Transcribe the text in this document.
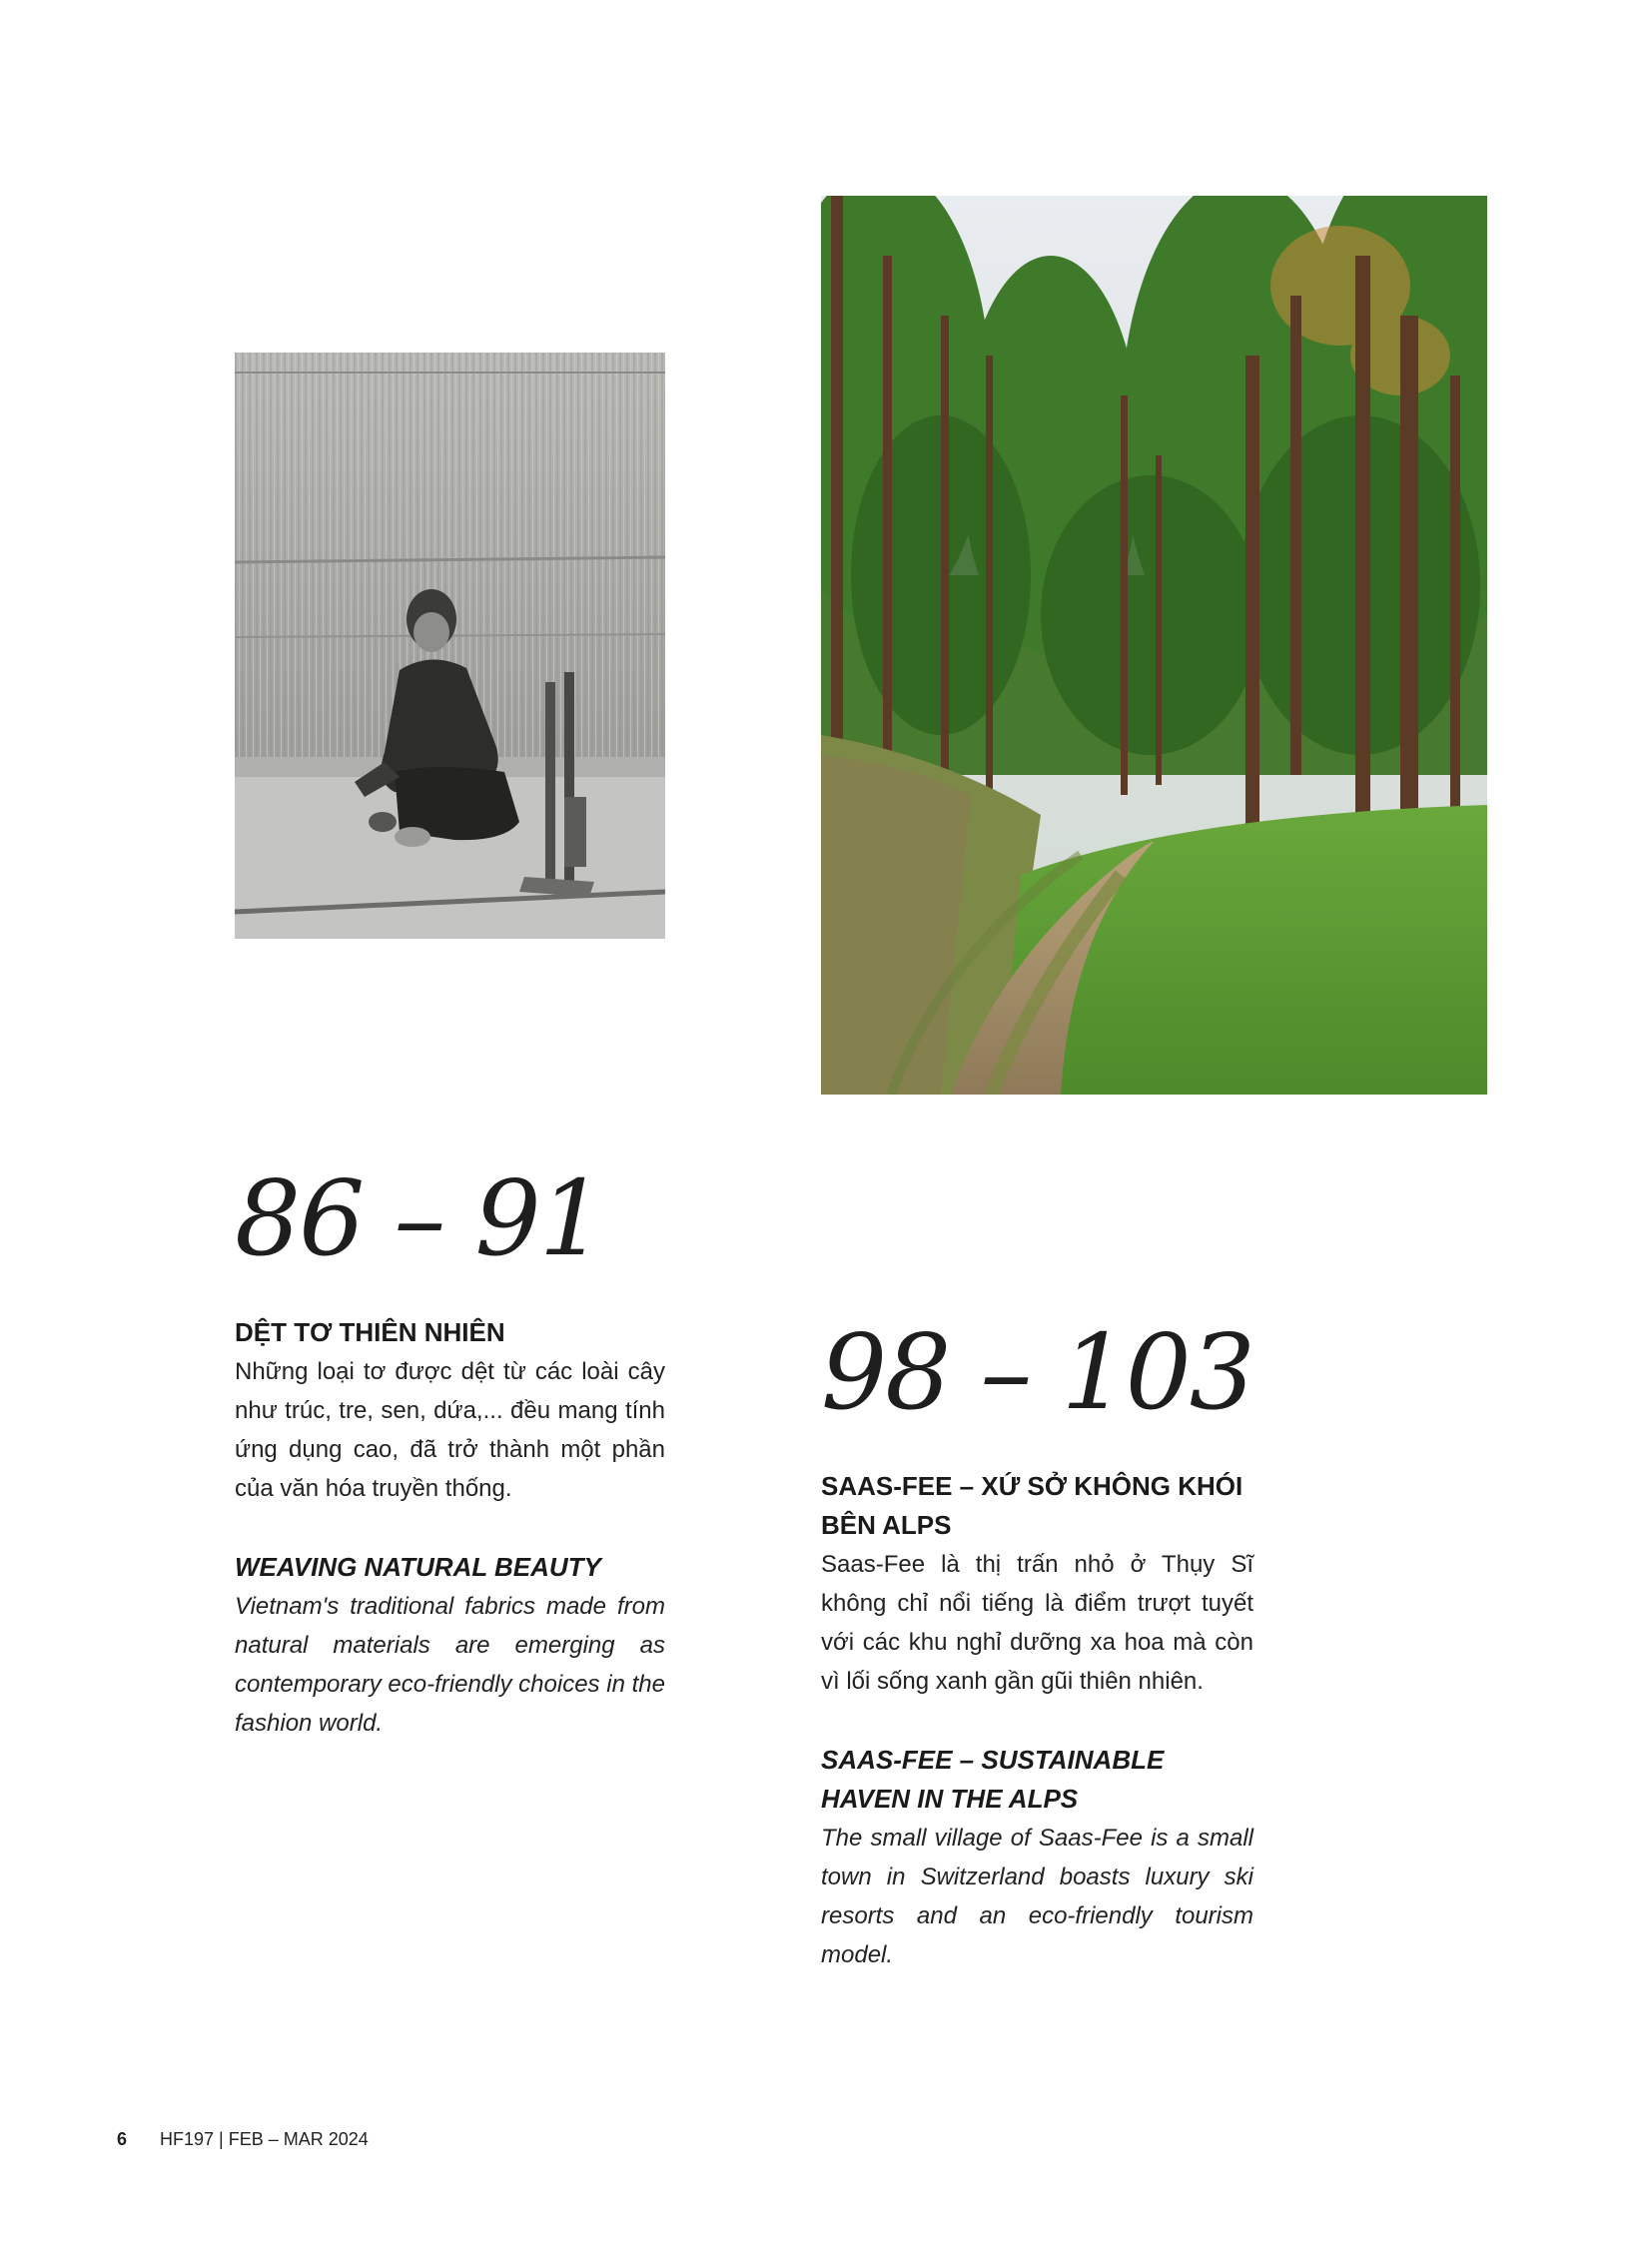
86 – 91
DỆT TƠ THIÊN NHIÊN

Những loại tơ được dệt từ các loài cây như trúc, tre, sen, dứa,... đều mang tính ứng dụng cao, đã trở thành một phần của văn hóa truyền thống.

WEAVING NATURAL BEAUTY

Vietnam's traditional fabrics made from natural materials are emerging as contemporary eco-friendly choices in the fashion world.

98 – 103
SAAS-FEE – XỨ SỞ KHÔNG KHÓI BÊN ALPS

Saas-Fee là thị trấn nhỏ ở Thụy Sĩ không chỉ nổi tiếng là điểm trượt tuyết với các khu nghỉ dưỡng xa hoa mà còn vì lối sống xanh gần gũi thiên nhiên.

SAAS-FEE – SUSTAINABLE HAVEN IN THE ALPS

The small village of Saas-Fee is a small town in Switzerland boasts luxury ski resorts and an eco-friendly tourism model.

6 HF197 | FEB – MAR 2024
